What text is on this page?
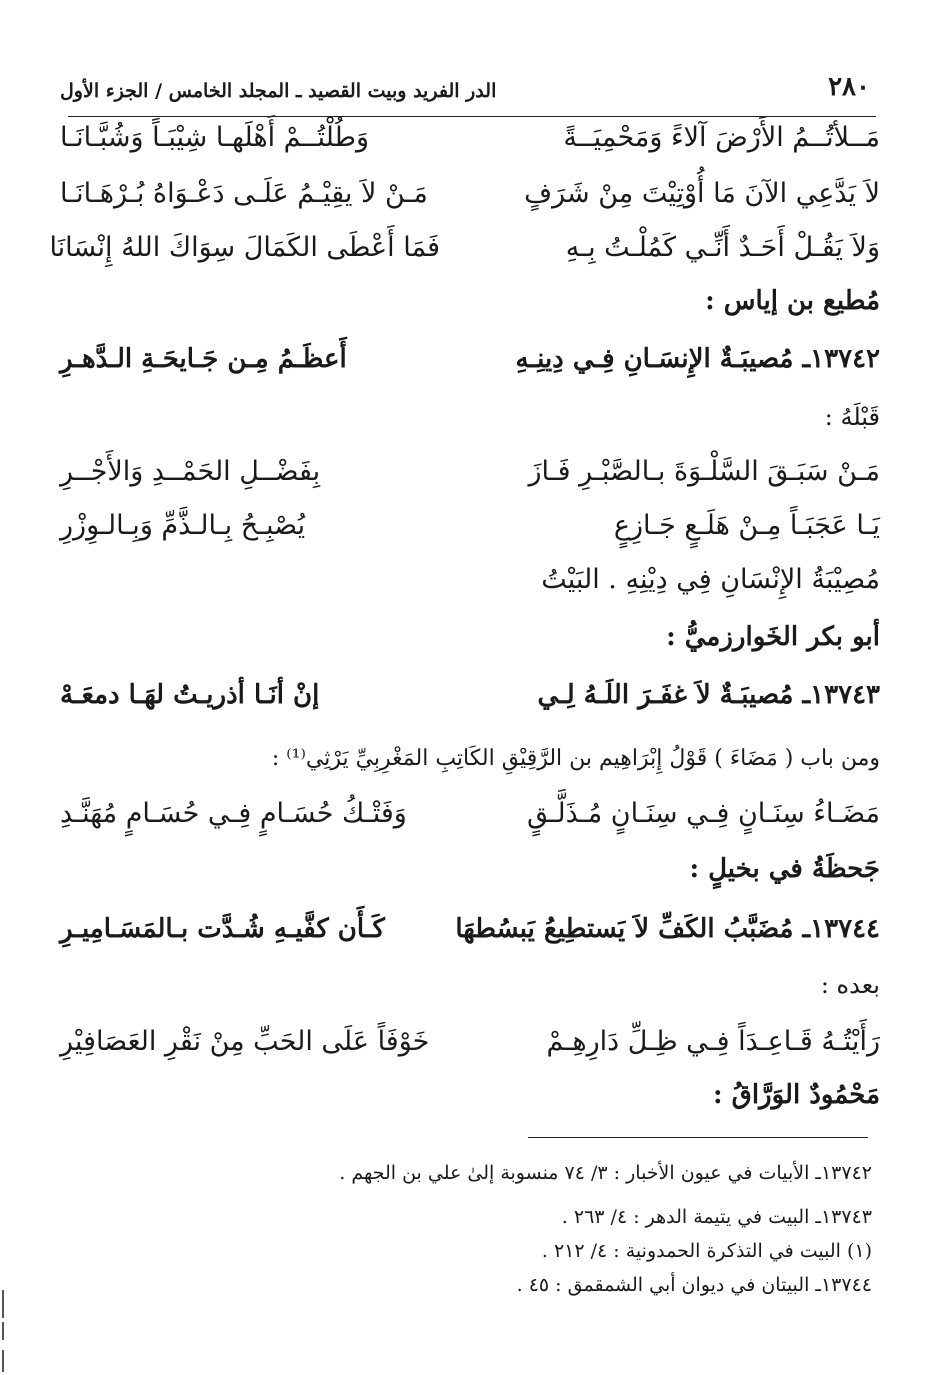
٢٨٠
الدر الفريد وبيت القصيد ـ المجلد الخامس / الجزء الأول
مَــلأتُــمُ الأَرْضَ آلاءً وَمَحْمِيَــةً
وَطُلْتُــمْ أَهْلَهـا شِيْبَـاً وَشُبَّـانَـا
لاَ يَدَّعِي الآنَ مَا أُوْتِيْتَ مِنْ شَرَفٍ
مَـنْ لاَ يقِيْـمُ عَلَـى دَعْـوَاهُ بُـرْهَـانَـا
وَلاَ يَقُـلْ أَحَـدٌ أَنِّـي كَمُلْـتُ بِـهِ
فَمَا أَعْطَى الكَمَالَ سِوَاكَ اللهُ إِنْسَانَا
مُطيع بن إياس :
١٣٧٤٢ـ مُصيبَـةٌ الإِنسَـانِ فِـي دِينِـهِ
أَعظَـمُ مِـن جَـايحَـةِ الـدَّهـرِ
قَبْلَهُ :
مَـنْ سَبَـقَ السَّلْـوَةَ بـالصَّبْـرِ فَـازَ
بِفَضْــلِ الحَمْــدِ وَالأَجْــرِ
يَـا عَجَبَـاً مِـنْ هَلَـعٍ جَـازِعٍ
يُصْبِـحُ بِـالـذَّمِّ وَبِـالـوِزْرِ
مُصِيْبَةُ الإِنْسَانِ فِي دِيْنِهِ . البَيْتُ
أبو بكر الخَوارزميُّ :
١٣٧٤٣ـ مُصيبَـةٌ لاَ غفَـرَ اللَـهُ لِـي
إنْ أنَـا أذريـتُ لهَـا دمعَـهْ
ومن باب ( مَضَاءَ ) قَوْلُ إِبْرَاهِيم بن الرَّقِيْقِ الكَاتِبِ المَغْرِبِيِّ يَرْثِي⁽¹⁾ :
مَضَـاءُ سِنَـانٍ فِـي سِنَـانٍ مُـذَلَّـقٍ
وَفَتْـكُ حُسَـامٍ فِـي حُسَـامٍ مُهَنَّـدِ
جَحظَةُ في بخيلٍ :
١٣٧٤٤ـ مُضَبَّبُ الكَفِّ لاَ يَستطِيعُ يَبسُطهَا
كَـأَن كفَّيـهِ شُـدَّت بـالمَسَـامِيـرِ
بعده :
رَأَيْتُـهُ قَـاعِـدَاً فِـي ظِـلِّ دَارِهِـمْ
خَوْفَاً عَلَى الحَبِّ مِنْ نَقْرِ العَصَافِيْرِ
مَحْمُودٌ الوَرَّاقُ :
١٣٧٤٢ـ الأبيات في عيون الأخبار : ٣/ ٧٤ منسوبة إلىٰ علي بن الجهم .
١٣٧٤٣ـ البيت في يتيمة الدهر : ٤/ ٢٦٣ .
(١) البيت في التذكرة الحمدونية : ٤/ ٢١٢ .
١٣٧٤٤ـ البيتان في ديوان أبي الشمقمق : ٤٥ .
